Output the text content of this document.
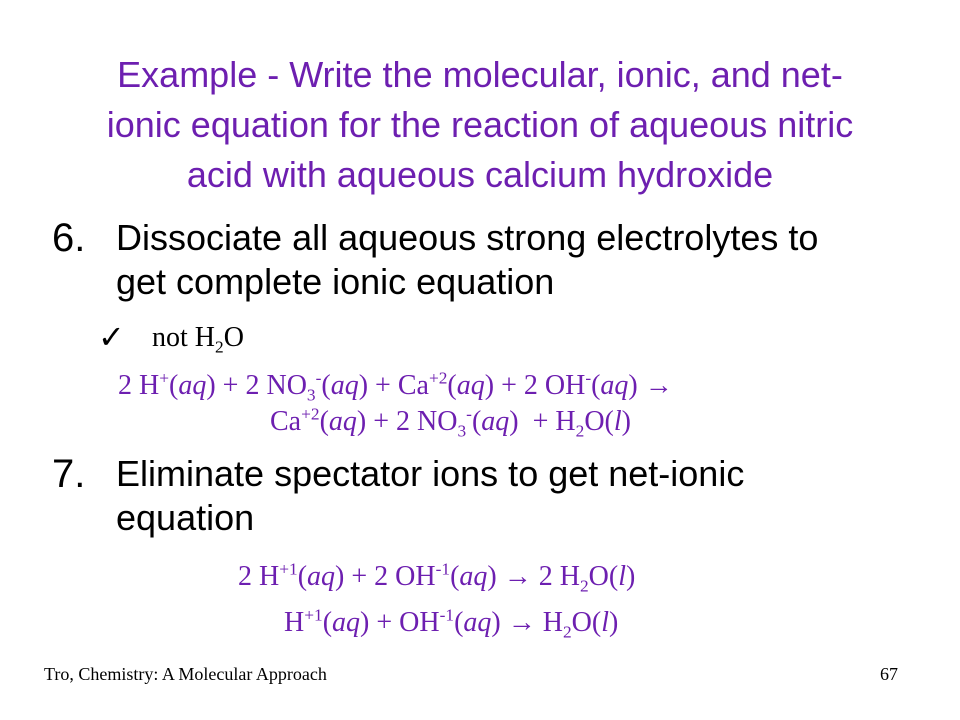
Example - Write the molecular, ionic, and net-
ionic equation for the reaction of aqueous nitric
acid with aqueous calcium hydroxide
6. Dissociate all aqueous strong electrolytes to
get complete ionic equation
✓ not $H_2O$
2 H+(aq) + 2 $NO_3^-(aq) + Ca^{+2}(aq) + 2$ OH-(aq) →
$Ca^{+2}(aq) + 2$ $NO_3^-(aq) + H_2O(l)$
7. Eliminate spectator ions to get net-ionic
equation
2 $H^{+1}(aq) + 2$ $OH^{-1}(aq) \to 2$ $H_2O(l)$
$H^{+1}(aq) + OH^{-1}(aq) \to H_2O(l)$
Tro, Chemistry: A Molecular Approach	67
